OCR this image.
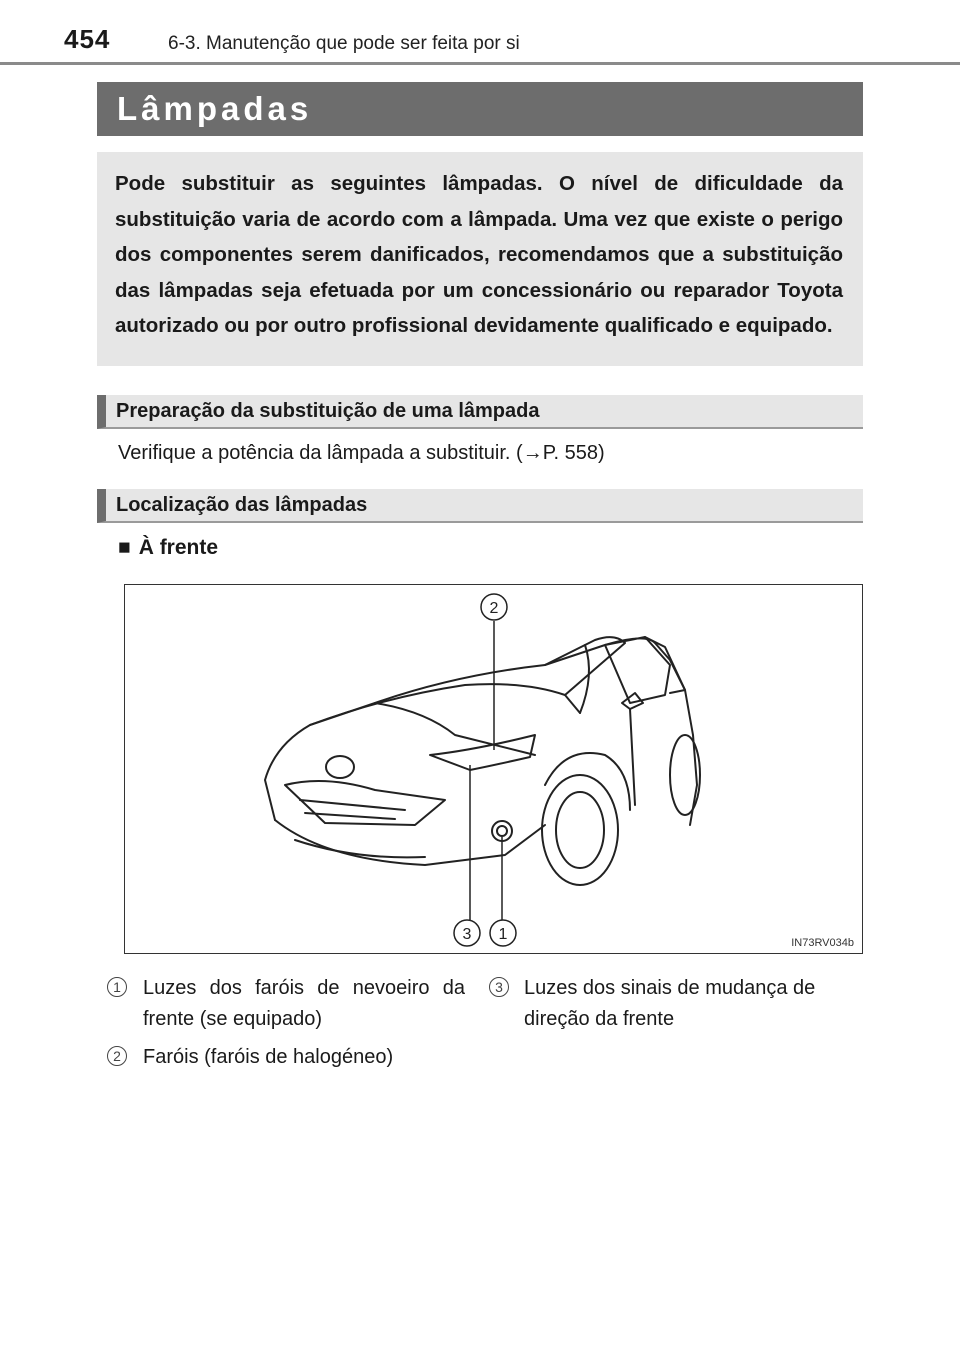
454	6-3. Manutenção que pode ser feita por si
Lâmpadas
Pode substituir as seguintes lâmpadas. O nível de dificuldade da substituição varia de acordo com a lâmpada. Uma vez que existe o perigo dos componentes serem danificados, recomendamos que a substituição das lâmpadas seja efetuada por um concessionário ou reparador Toyota autorizado ou por outro profissional devidamente qualificado e equipado.
Preparação da substituição de uma lâmpada
Verifique a potência da lâmpada a substituir. (→P. 558)
Localização das lâmpadas
■ À frente
2
3 1	IN73RV034b
1	Luzes dos faróis de nevoeiro da frente (se equipado)
2	Faróis (faróis de halogéneo)
3	Luzes dos sinais de mudança de direção da frente
